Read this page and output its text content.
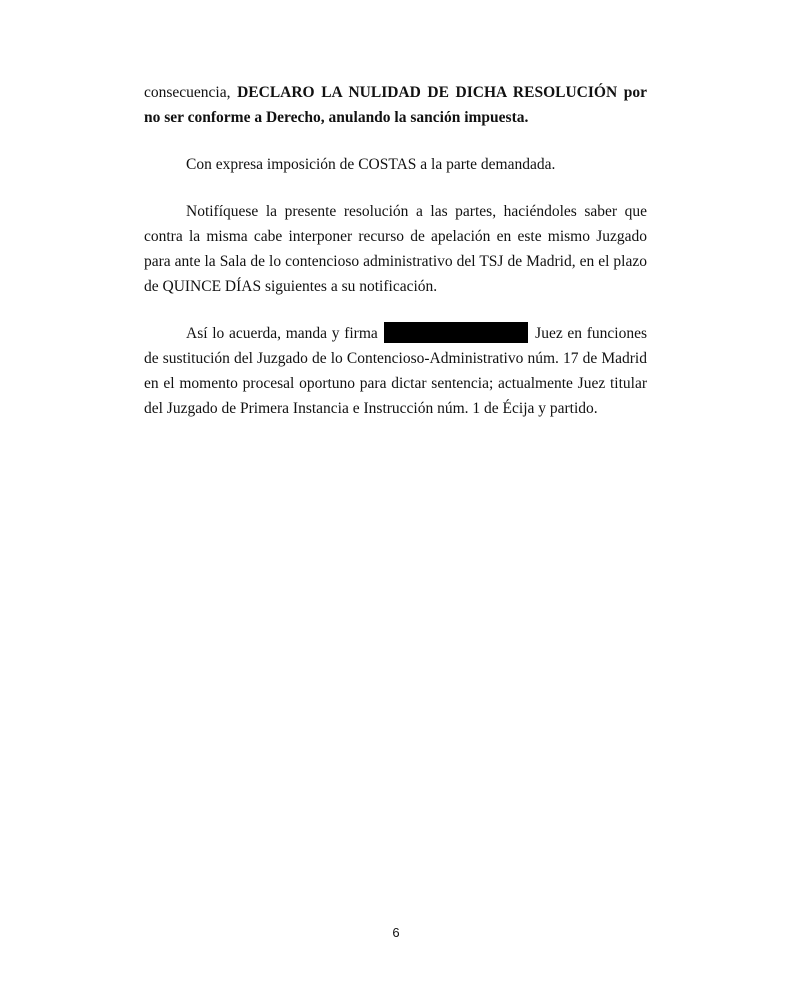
consecuencia, DECLARO LA NULIDAD DE DICHA RESOLUCIÓN por no ser conforme a Derecho, anulando la sanción impuesta.

Con expresa imposición de COSTAS a la parte demandada.

Notifíquese la presente resolución a las partes, haciéndoles saber que contra la misma cabe interponer recurso de apelación en este mismo Juzgado para ante la Sala de lo contencioso administrativo del TSJ de Madrid, en el plazo de QUINCE DÍAS siguientes a su notificación.

Así lo acuerda, manda y firma	Juez en funciones de sustitución del Juzgado de lo Contencioso-Administrativo núm. 17 de Madrid en el momento procesal oportuno para dictar sentencia; actualmente Juez titular del Juzgado de Primera Instancia e Instrucción núm. 1 de Écija y partido.

6
